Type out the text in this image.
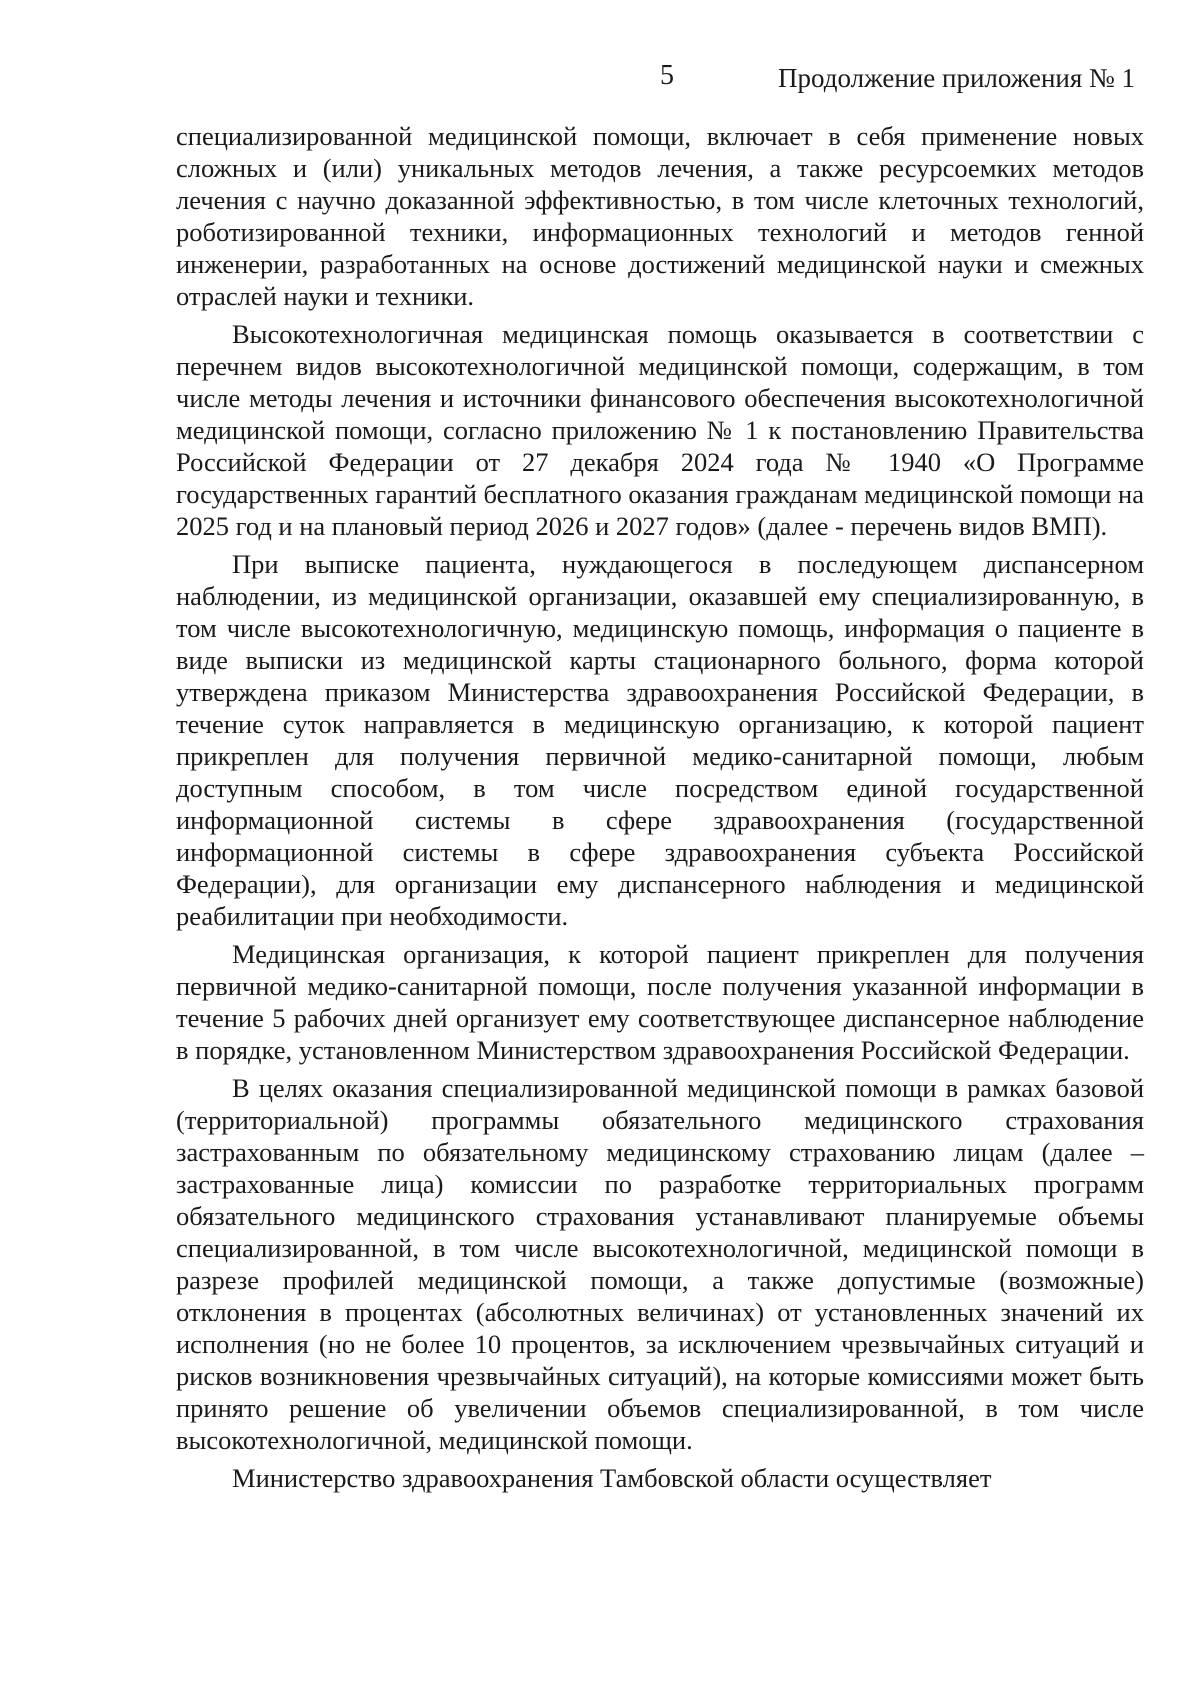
5	Продолжение приложения № 1

специализированной медицинской помощи, включает в себя применение новых сложных и (или) уникальных методов лечения, а также ресурсоемких методов лечения с научно доказанной эффективностью, в том числе клеточных технологий, роботизированной техники, информационных технологий и методов генной инженерии, разработанных на основе достижений медицинской науки и смежных отраслей науки и техники.

Высокотехнологичная медицинская помощь оказывается в соответствии с перечнем видов высокотехнологичной медицинской помощи, содержащим, в том числе методы лечения и источники финансового обеспечения высокотехнологичной медицинской помощи, согласно приложению № 1 к постановлению Правительства Российской Федерации от 27 декабря 2024 года № 1940 «О Программе государственных гарантий бесплатного оказания гражданам медицинской помощи на 2025 год и на плановый период 2026 и 2027 годов» (далее - перечень видов ВМП).

При выписке пациента, нуждающегося в последующем диспансерном наблюдении, из медицинской организации, оказавшей ему специализированную, в том числе высокотехнологичную, медицинскую помощь, информация о пациенте в виде выписки из медицинской карты стационарного больного, форма которой утверждена приказом Министерства здравоохранения Российской Федерации, в течение суток направляется в медицинскую организацию, к которой пациент прикреплен для получения первичной медико-санитарной помощи, любым доступным способом, в том числе посредством единой государственной информационной системы в сфере здравоохранения (государственной информационной системы в сфере здравоохранения субъекта Российской Федерации), для организации ему диспансерного наблюдения и медицинской реабилитации при необходимости.

Медицинская организация, к которой пациент прикреплен для получения первичной медико-санитарной помощи, после получения указанной информации в течение 5 рабочих дней организует ему соответствующее диспансерное наблюдение в порядке, установленном Министерством здравоохранения Российской Федерации.

В целях оказания специализированной медицинской помощи в рамках базовой (территориальной) программы обязательного медицинского страхования застрахованным по обязательному медицинскому страхованию лицам (далее – застрахованные лица) комиссии по разработке территориальных программ обязательного медицинского страхования устанавливают планируемые объемы специализированной, в том числе высокотехнологичной, медицинской помощи в разрезе профилей медицинской помощи, а также допустимые (возможные) отклонения в процентах (абсолютных величинах) от установленных значений их исполнения (но не более 10 процентов, за исключением чрезвычайных ситуаций и рисков возникновения чрезвычайных ситуаций), на которые комиссиями может быть принято решение об увеличении объемов специализированной, в том числе высокотехнологичной, медицинской помощи.

Министерство здравоохранения Тамбовской области осуществляет
